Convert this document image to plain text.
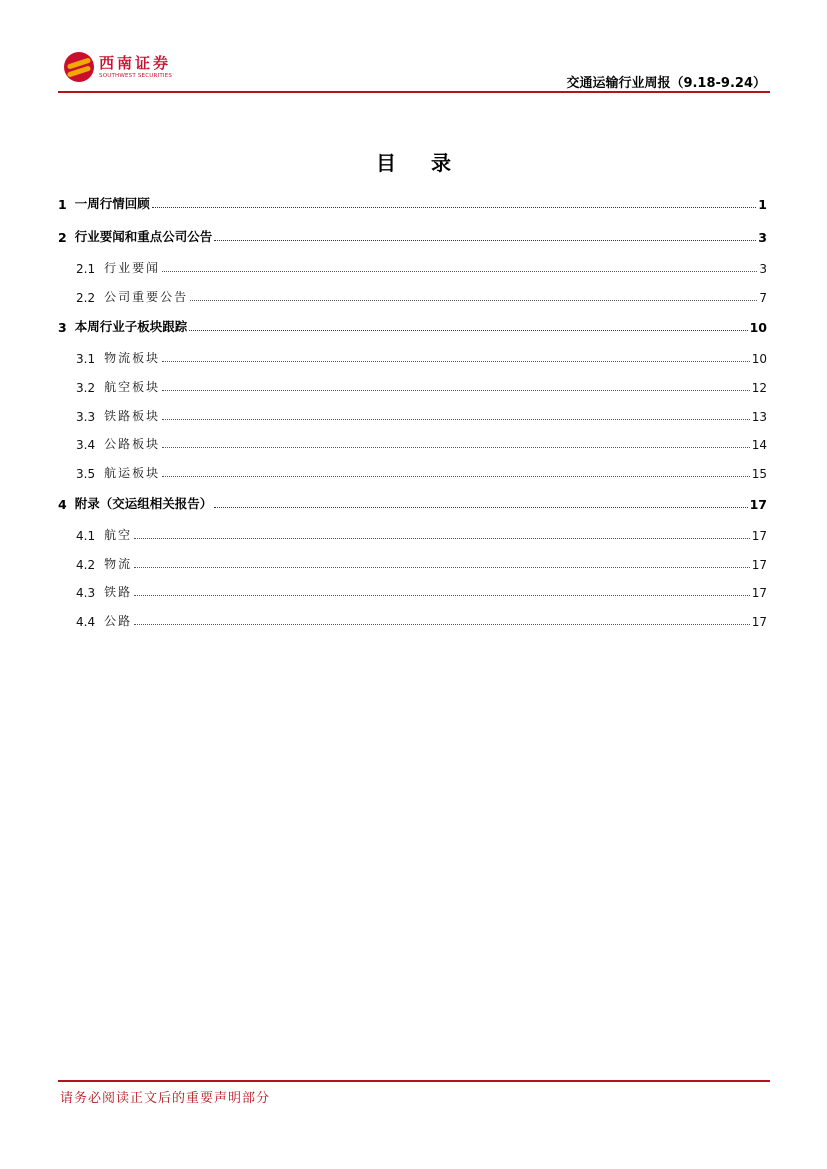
西南证券
SOUTHWEST SECURITIES
交通运输行业周报（9.18-9.24）
目 录
1 一周行情回顾	1
2 行业要闻和重点公司公告	3
2.1 行业要闻	3
2.2 公司重要公告	7
3 本周行业子板块跟踪	10
3.1 物流板块	10
3.2 航空板块	12
3.3 铁路板块	13
3.4 公路板块	14
3.5 航运板块	15
4 附录（交运组相关报告）	17
4.1 航空	17
4.2 物流	17
4.3 铁路	17
4.4 公路	17
请务必阅读正文后的重要声明部分
